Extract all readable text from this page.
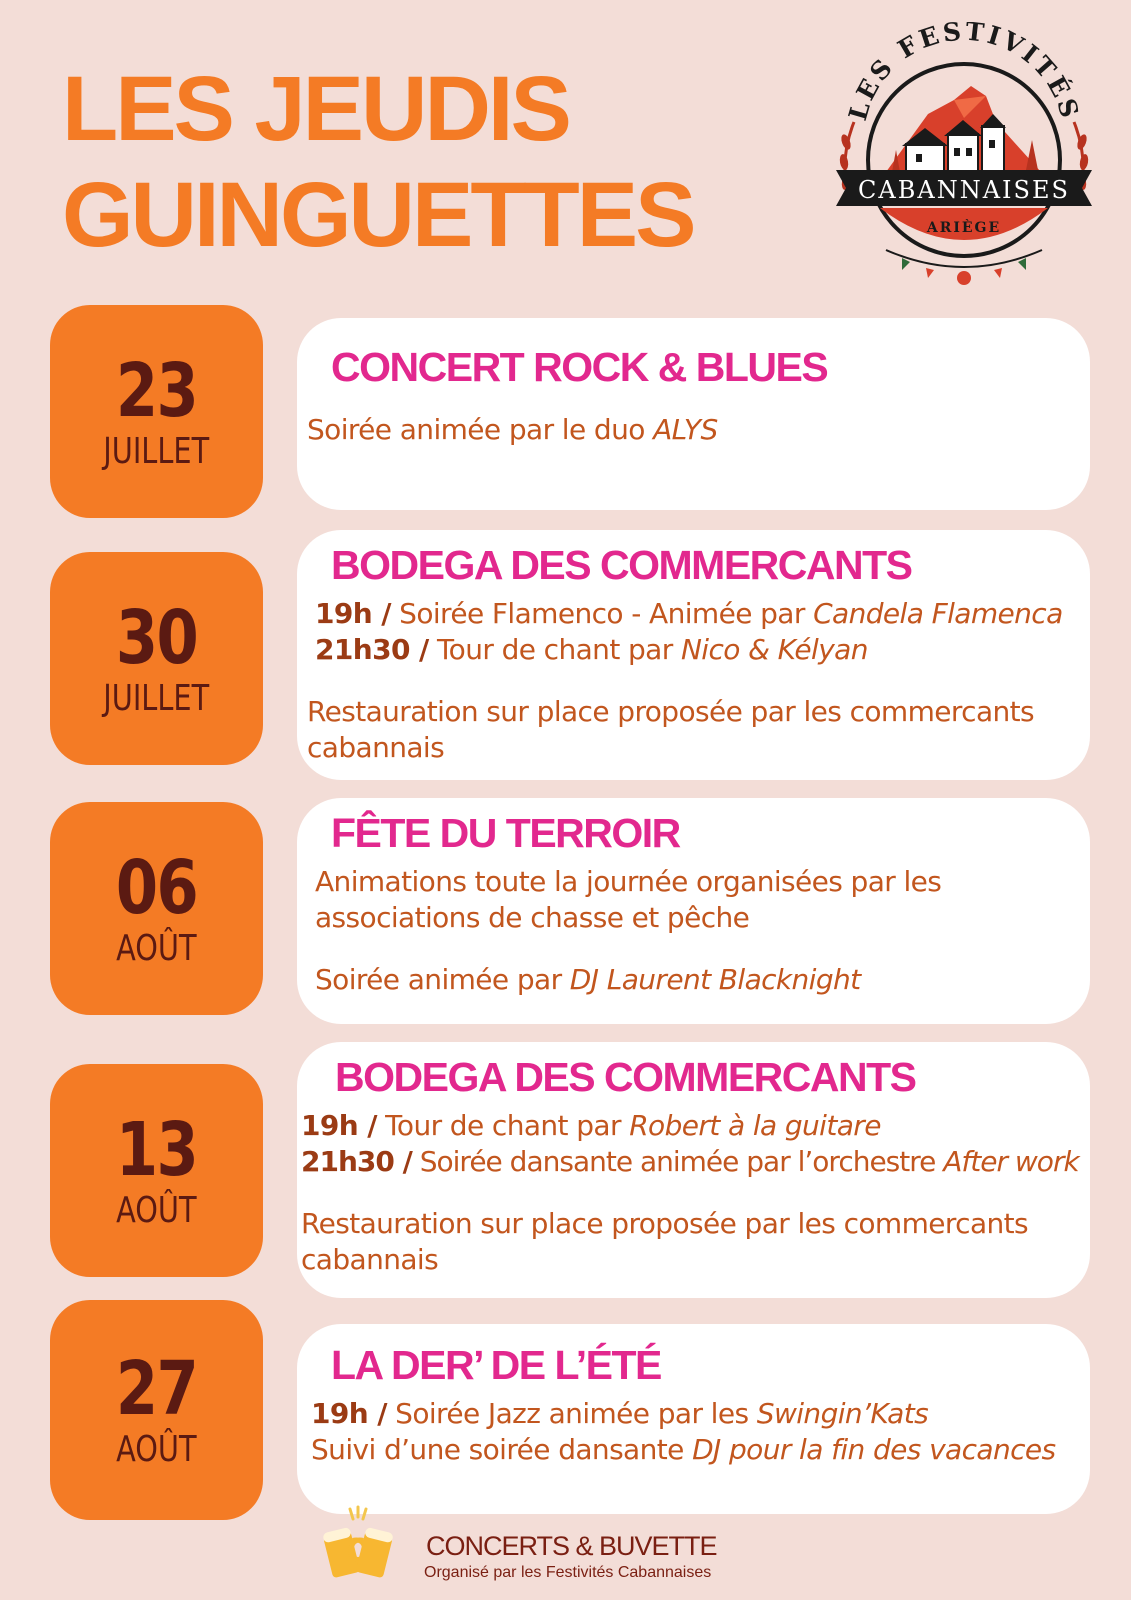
LES JEUDIS
GUINGUETTES
LES FESTIVITÉS
CABANNAISES
ARIÈGE
23
JUILLET
CONCERT ROCK & BLUES
Soirée animée par le duo ALYS
30
JUILLET
BODEGA DES COMMERCANTS
19h / Soirée Flamenco - Animée par Candela Flamenca
21h30 / Tour de chant par Nico & Kélyan
Restauration sur place proposée par les commercants cabannais
06
AOÛT
FÊTE DU TERROIR
Animations toute la journée organisées par les associations de chasse et pêche
Soirée animée par DJ Laurent Blacknight
13
AOÛT
BODEGA DES COMMERCANTS
19h / Tour de chant par Robert à la guitare
21h30 / Soirée dansante animée par l’orchestre After work
Restauration sur place proposée par les commercants cabannais
27
AOÛT
LA DER’ DE L’ÉTÉ
19h / Soirée Jazz animée par les Swingin’Kats
Suivi d’une soirée dansante DJ pour la fin des vacances
CONCERTS & BUVETTE
Organisé par les Festivités Cabannaises
